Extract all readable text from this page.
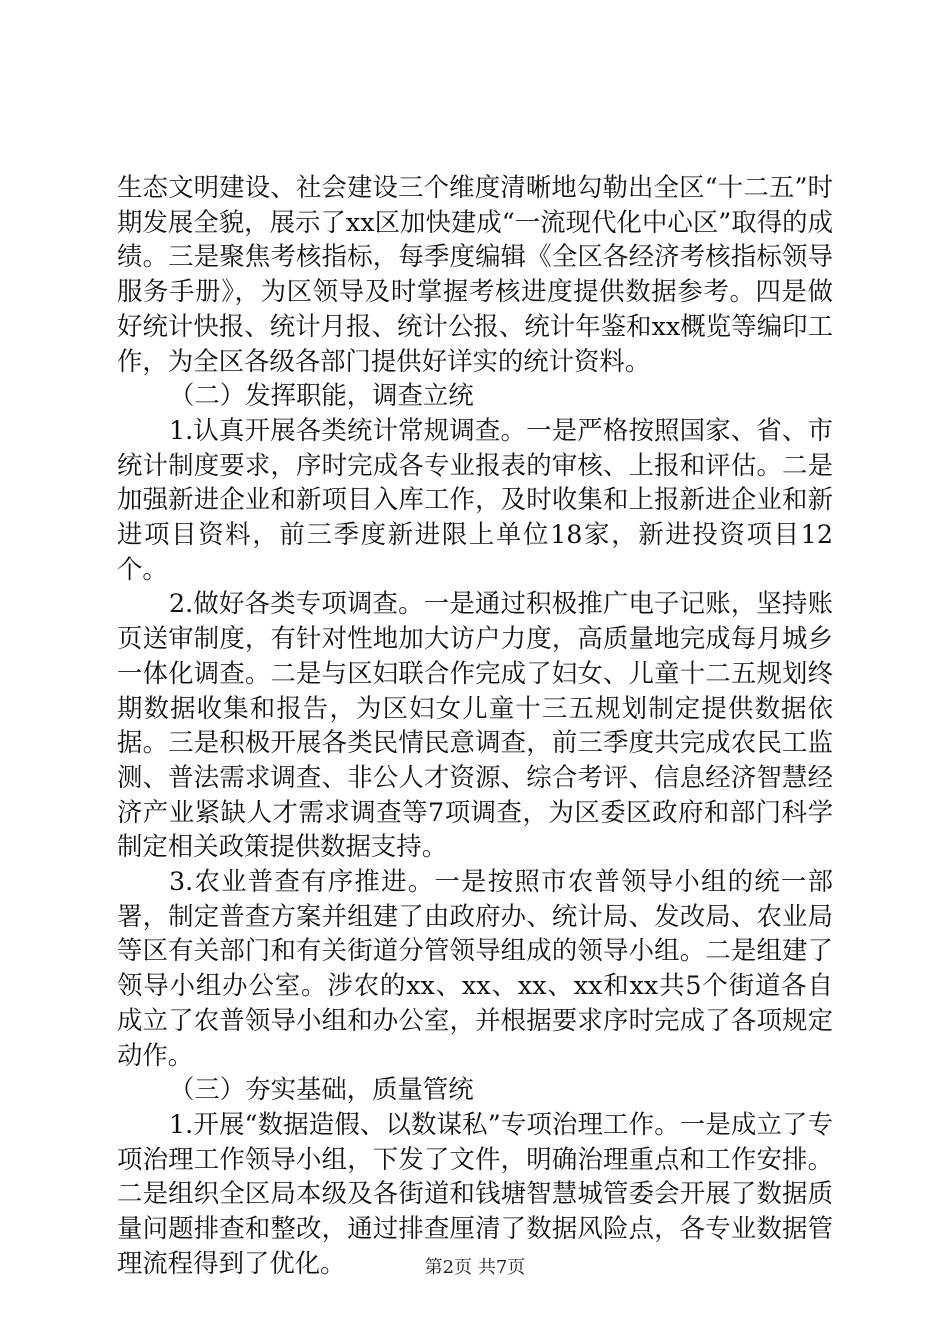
生态文明建设、社会建设三个维度清晰地勾勒出全区“十二五”时期发展全貌，展示了xx区加快建成“一流现代化中心区”取得的成绩。三是聚焦考核指标，每季度编辑《全区各经济考核指标领导服务手册》，为区领导及时掌握考核进度提供数据参考。四是做好统计快报、统计月报、统计公报、统计年鉴和xx概览等编印工作，为全区各级各部门提供好详实的统计资料。

（二）发挥职能，调查立统

1.认真开展各类统计常规调查。一是严格按照国家、省、市统计制度要求，序时完成各专业报表的审核、上报和评估。二是加强新进企业和新项目入库工作，及时收集和上报新进企业和新进项目资料，前三季度新进限上单位18家，新进投资项目12个。

2.做好各类专项调查。一是通过积极推广电子记账，坚持账页送审制度，有针对性地加大访户力度，高质量地完成每月城乡一体化调查。二是与区妇联合作完成了妇女、儿童十二五规划终期数据收集和报告，为区妇女儿童十三五规划制定提供数据依据。三是积极开展各类民情民意调查，前三季度共完成农民工监测、普法需求调查、非公人才资源、综合考评、信息经济智慧经济产业紧缺人才需求调查等7项调查，为区委区政府和部门科学制定相关政策提供数据支持。

3.农业普查有序推进。一是按照市农普领导小组的统一部署，制定普查方案并组建了由政府办、统计局、发改局、农业局等区有关部门和有关街道分管领导组成的领导小组。二是组建了领导小组办公室。涉农的xx、xx、xx、xx和xx共5个街道各自成立了农普领导小组和办公室，并根据要求序时完成了各项规定动作。

（三）夯实基础，质量管统

1.开展“数据造假、以数谋私”专项治理工作。一是成立了专项治理工作领导小组，下发了文件，明确治理重点和工作安排。二是组织全区局本级及各街道和钱塘智慧城管委会开展了数据质量问题排查和整改，通过排查厘清了数据风险点，各专业数据管理流程得到了优化。	第2页 共7页
